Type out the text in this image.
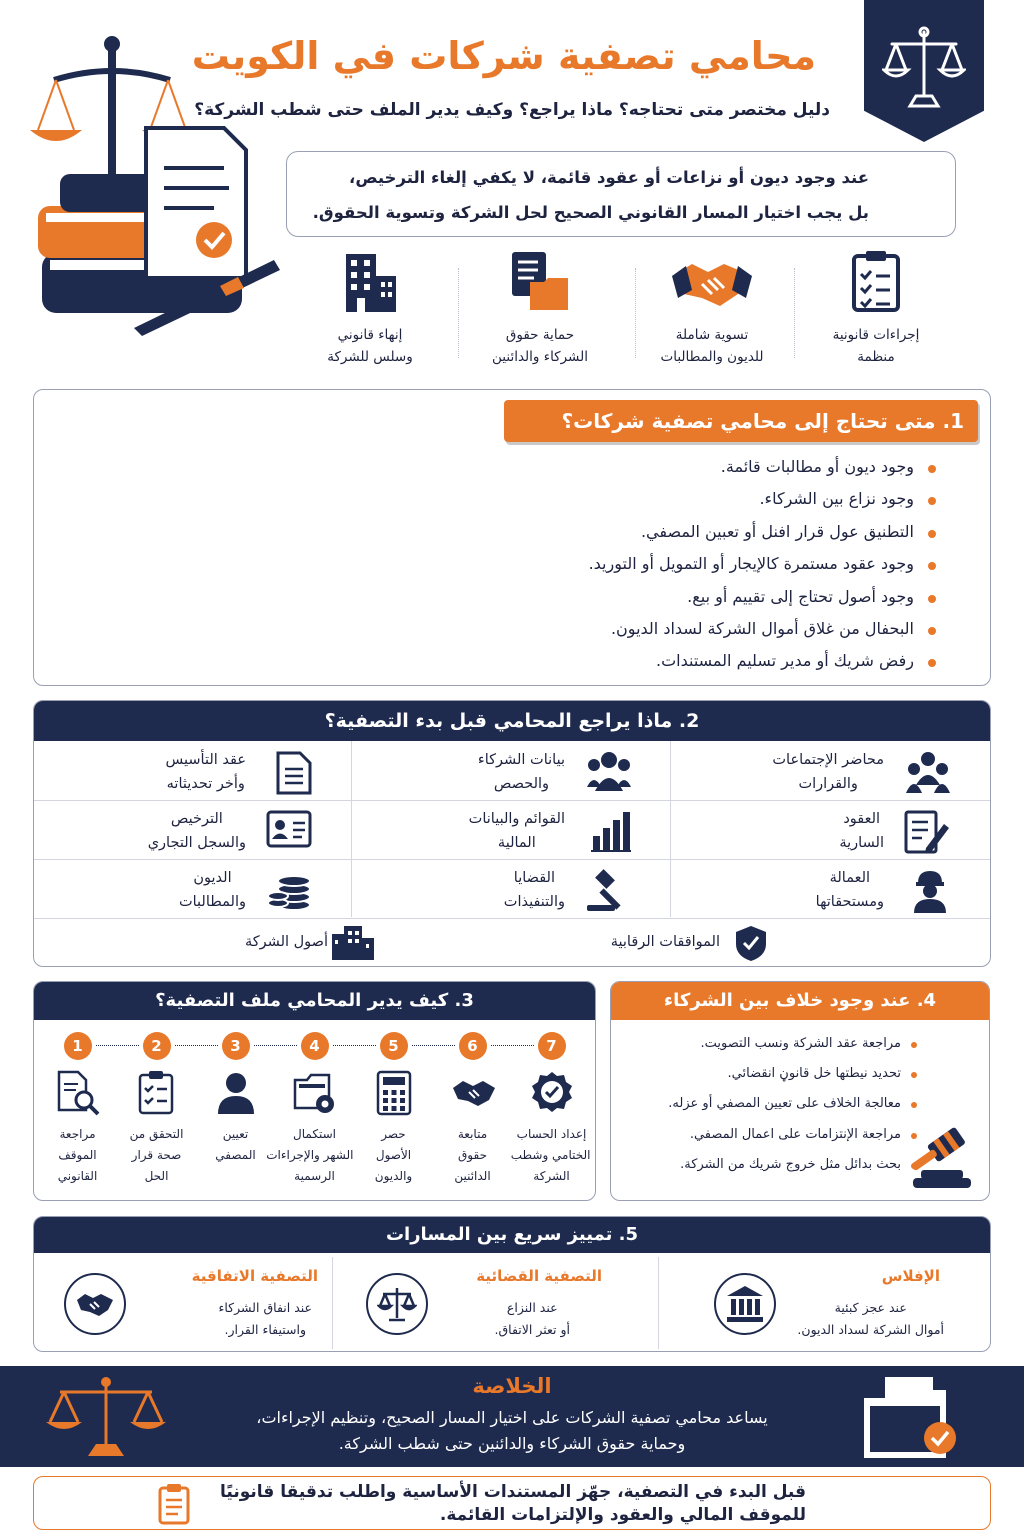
محامي تصفية شركات في الكويت
دليل مختصر متى تحتاجه؟ ماذا يراجع؟ وكيف يدير الملف حتى شطب الشركة؟

عند وجود ديون أو نزاعات أو عقود قائمة، لا يكفي إلغاء الترخيص،

بل يجب اختيار المسار القانوني الصحيح لحل الشركة وتسوية الحقوق.

إجراءات قانونية
منظمة
تسوية شاملة
للديون والمطالبات
حماية حقوق
الشركاء والدائنين
إنهاء قانوني
وسلس للشركة
1. متى تحتاج إلى محامي تصفية شركات؟
وجود ديون أو مطالبات قائمة.
وجود نزاع بين الشركاء.
التطنيق عول قرار افنل أو تعبين المصفي.
وجود عقود مستمرة كالإيجار أو التمويل أو التوريد.
وجود أصول تحتاج إلى تقييم أو بيع.
البحفال من غلاق أموال الشركة لسداد الديون.
رفض شريك أو مدير تسليم المستندات.
2. ماذا يراجع المحامي قبل بدء التصفية؟
محاضر الإجتماعات
والقرارات
بيانات الشركاء
والحصص
عقد التأسيس
وأخر تحديثاته
العقود
السارية
القوائم والبيانات
المالية
الترخيص
والسجل التجاري
العمالة
ومستحقاتها
القضايا
والتنفيذات
الديون
والمطالبات
المواققات الرقابية
أصول الشركة
3. كيف يدير المحامي ملف التصفية؟
1
مراجعة
الموقف
القانوني
2
التحقق من
صحة قرار
الحل
3
تعيين
المصفي
4
استكمال
الشهر والإجراءات
الرسمية
5
حصر
الأصول
والديون
6
متابعة
حقوق
الدائنين
7
إعداد الحساب
الختامي وشطب
الشركة
4. عند وجود خلاف بين الشركاء
مراجعة عقد الشركة ونسب التصويت.
تحديد نيطتها خل قانوڼ انقضائي.
معالجة الخلاف على تعيين المصفي أو عزله.
مراجعة الإنتزامات على اعمال المصفي.
بحث بدائل مثل خروج شريك من الشركة.
5. تمييز سريع بين المسارات
الإفلاس
عند عجز كبئية
أموال الشركة لسداد الديون.
التصفية القضائية
عند النزاع
أو تعثر الاتفاق.
التصفية الاتفاقية
عند انفاق الشركاء
واستيفاء القرار.
الخلاصة
يساعد محامي تصفية الشركات على اختيار المسار الصحيح، وتنظيم الإجراءات،
وحماية حقوق الشركاء والدائنين حتى شطب الشركة.
قبل البدء في التصفية، جهّز المستندات الأساسية واطلب تدقيقا قانونيًا
للموقف المالي والعقود والإلتزامات القائمة.
